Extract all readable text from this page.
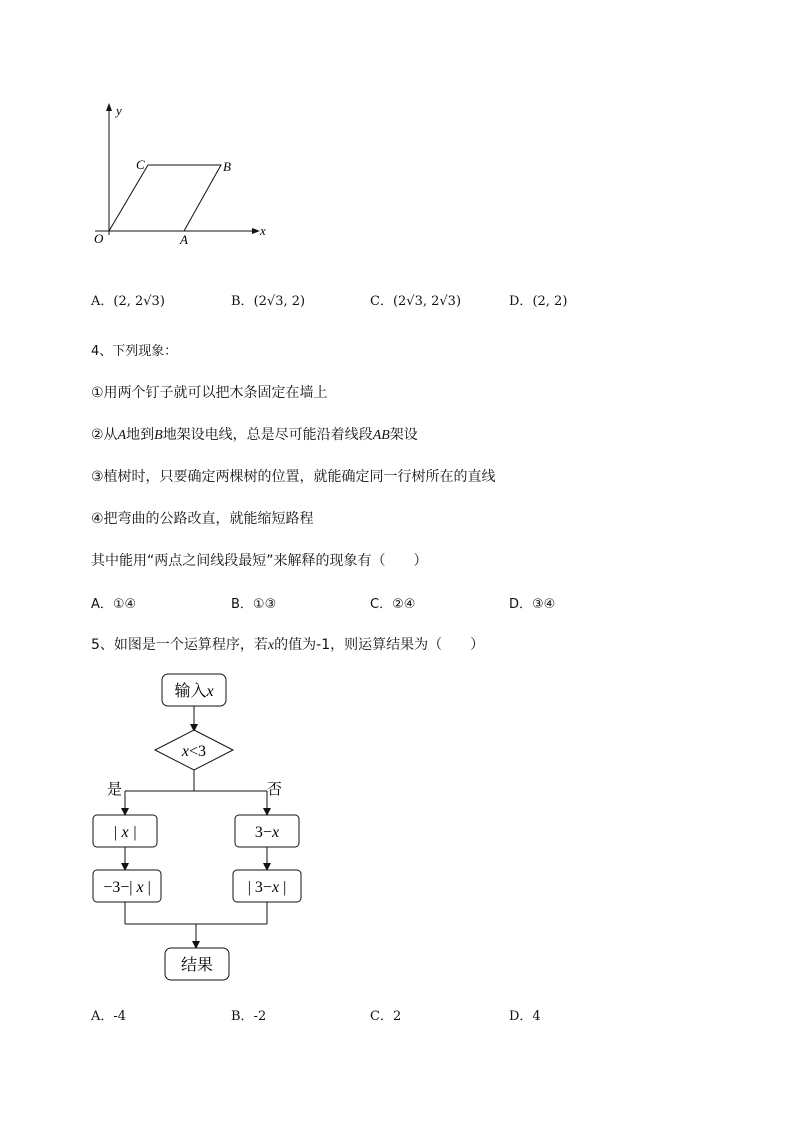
y
x
O	A
B
C
A．(2, 2√3)	B．(2√3, 2)	C．(2√3, 2√3)	D．(2, 2)
4、下列现象：
①用两个钉子就可以把木条固定在墙上
②从A地到B地架设电线，总是尽可能沿着线段AB架设
③植树时，只要确定两棵树的位置，就能确定同一行树所在的直线
④把弯曲的公路改直，就能缩短路程
其中能用“两点之间线段最短”来解释的现象有（　　）
A．①④	B．①③	C．②④	D．③④
5、如图是一个运算程序，若x的值为-1，则运算结果为（　　）
输入x
x<3
是	否
| x |
−3−| x |
3−x
| 3−x |
结果
A．-4	B．-2	C．2	D．4
